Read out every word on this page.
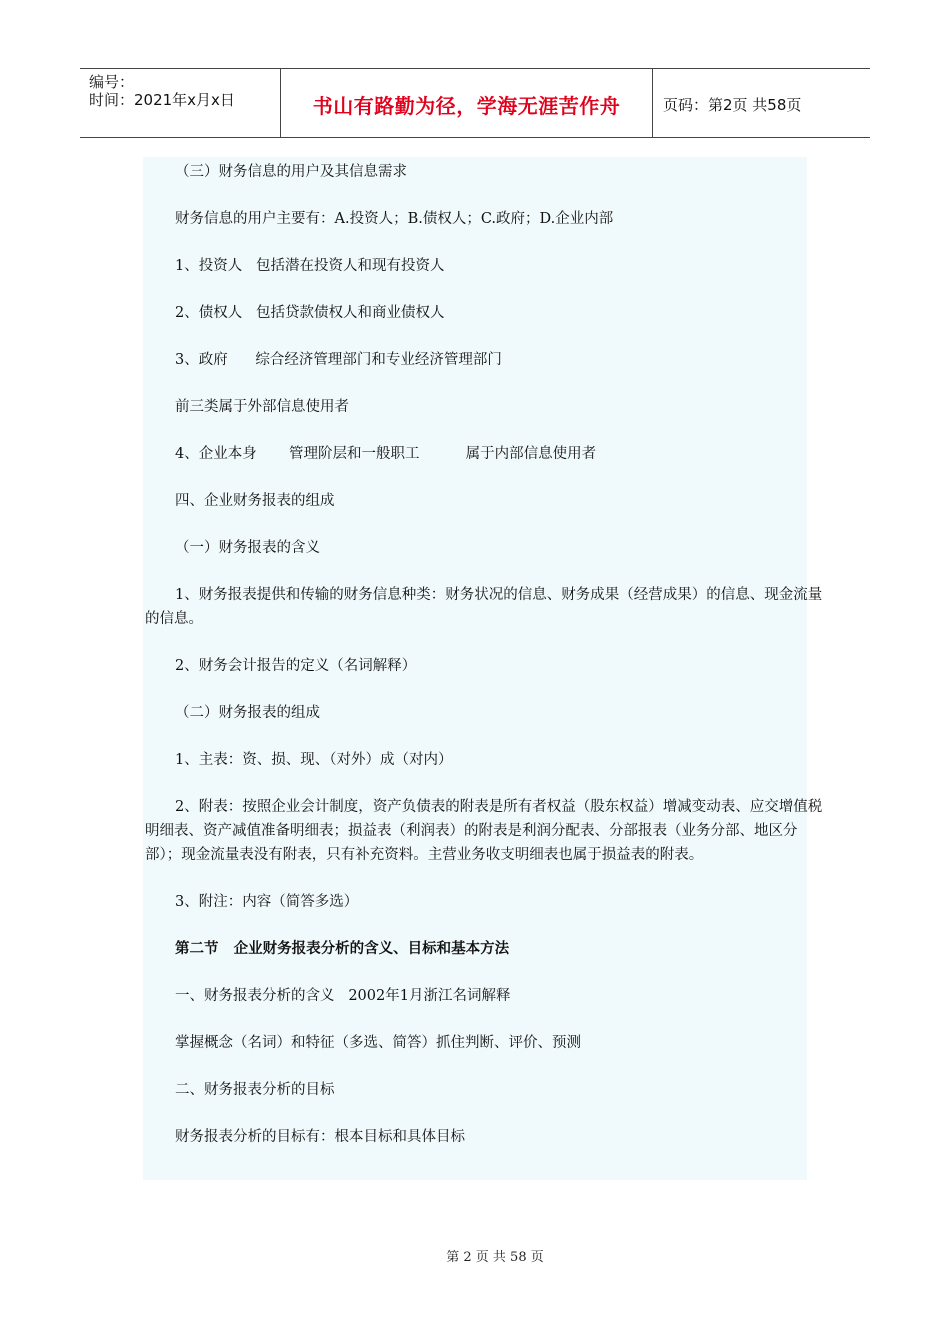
编号：
时间：2021年x月x日	书山有路勤为径，学海无涯苦作舟	页码：第2页 共58页

（三）财务信息的用户及其信息需求

财务信息的用户主要有：A.投资人；B.债权人；C.政府；D.企业内部

1、投资人   包括潜在投资人和现有投资人

2、债权人   包括贷款债权人和商业债权人

3、政府      综合经济管理部门和专业经济管理部门

前三类属于外部信息使用者

4、企业本身       管理阶层和一般职工          属于内部信息使用者

四、企业财务报表的组成

（一）财务报表的含义

1、财务报表提供和传输的财务信息种类：财务状况的信息、财务成果（经营成果）的信息、现金流量的信息。

2、财务会计报告的定义（名词解释）

（二）财务报表的组成

1、主表：资、损、现、（对外）成（对内）

2、附表：按照企业会计制度，资产负债表的附表是所有者权益（股东权益）增减变动表、应交增值税明细表、资产减值准备明细表；损益表（利润表）的附表是利润分配表、分部报表（业务分部、地区分部）；现金流量表没有附表，只有补充资料。主营业务收支明细表也属于损益表的附表。

3、附注：内容（简答多选）

第二节   企业财务报表分析的含义、目标和基本方法

一、财务报表分析的含义   2002年1月浙江名词解释

掌握概念（名词）和特征（多选、简答）抓住判断、评价、预测

二、财务报表分析的目标

财务报表分析的目标有：根本目标和具体目标

第 2 页 共 58 页
